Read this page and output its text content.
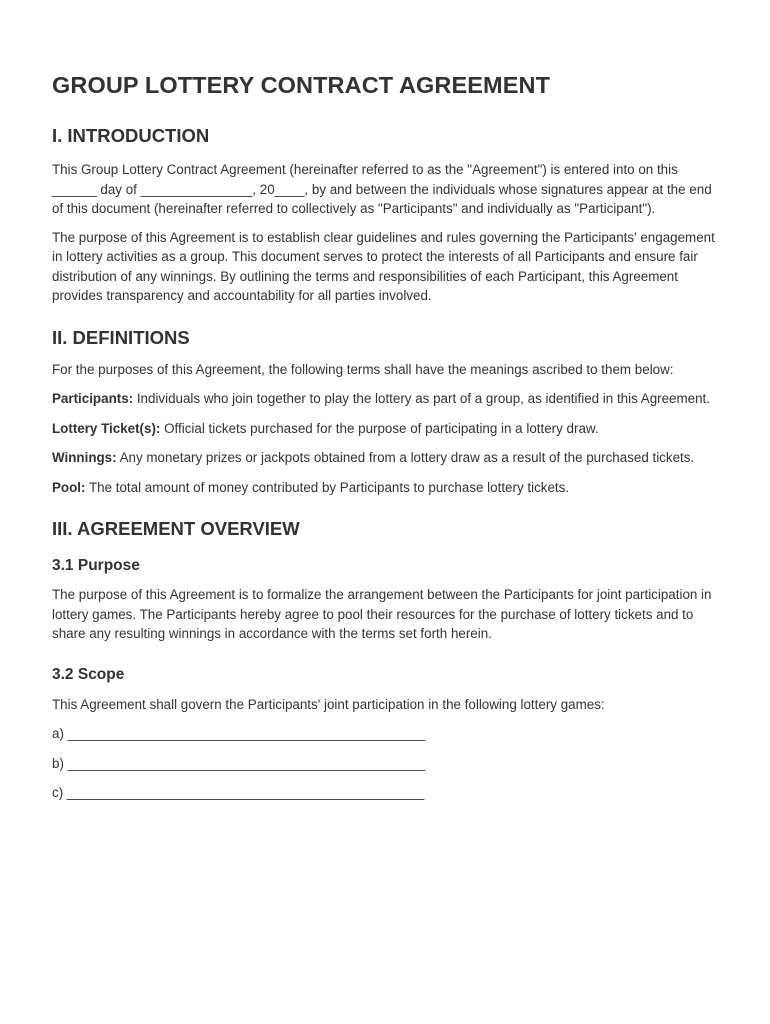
GROUP LOTTERY CONTRACT AGREEMENT
I. INTRODUCTION

This Group Lottery Contract Agreement (hereinafter referred to as the "Agreement") is entered into on this ______ day of _______________, 20____, by and between the individuals whose signatures appear at the end of this document (hereinafter referred to collectively as "Participants" and individually as "Participant").

The purpose of this Agreement is to establish clear guidelines and rules governing the Participants' engagement in lottery activities as a group. This document serves to protect the interests of all Participants and ensure fair distribution of any winnings. By outlining the terms and responsibilities of each Participant, this Agreement provides transparency and accountability for all parties involved.

II. DEFINITIONS

For the purposes of this Agreement, the following terms shall have the meanings ascribed to them below:

Participants: Individuals who join together to play the lottery as part of a group, as identified in this Agreement.

Lottery Ticket(s): Official tickets purchased for the purpose of participating in a lottery draw.

Winnings: Any monetary prizes or jackpots obtained from a lottery draw as a result of the purchased tickets.

Pool: The total amount of money contributed by Participants to purchase lottery tickets.

III. AGREEMENT OVERVIEW
3.1 Purpose

The purpose of this Agreement is to formalize the arrangement between the Participants for joint participation in lottery games. The Participants hereby agree to pool their resources for the purchase of lottery tickets and to share any resulting winnings in accordance with the terms set forth herein.

3.2 Scope

This Agreement shall govern the Participants' joint participation in the following lottery games:

a) ________________________________________________
b) ________________________________________________
c) ________________________________________________
